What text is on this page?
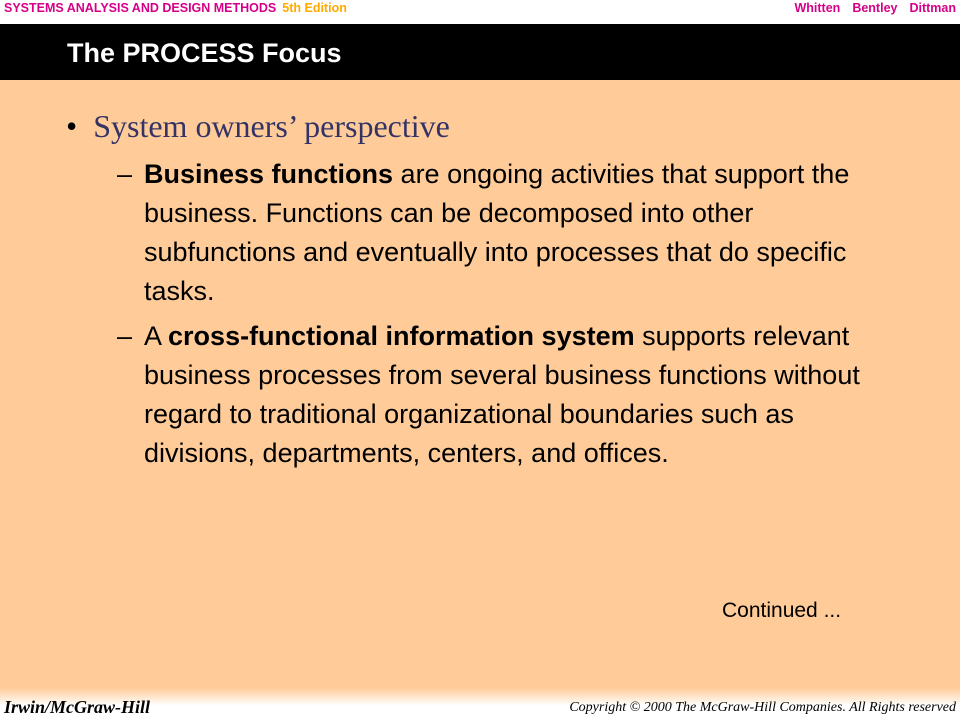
SYSTEMS ANALYSIS AND DESIGN METHODS 5th Edition	Whitten Bentley Dittman
The PROCESS Focus
• System owners’ perspective
– Business functions are ongoing activities that support the business. Functions can be decomposed into other subfunctions and eventually into processes that do specific tasks.
– A cross-functional information system supports relevant business processes from several business functions without regard to traditional organizational boundaries such as divisions, departments, centers, and offices.
Continued ...
Irwin/McGraw-Hill	Copyright © 2000 The McGraw-Hill Companies. All Rights reserved
